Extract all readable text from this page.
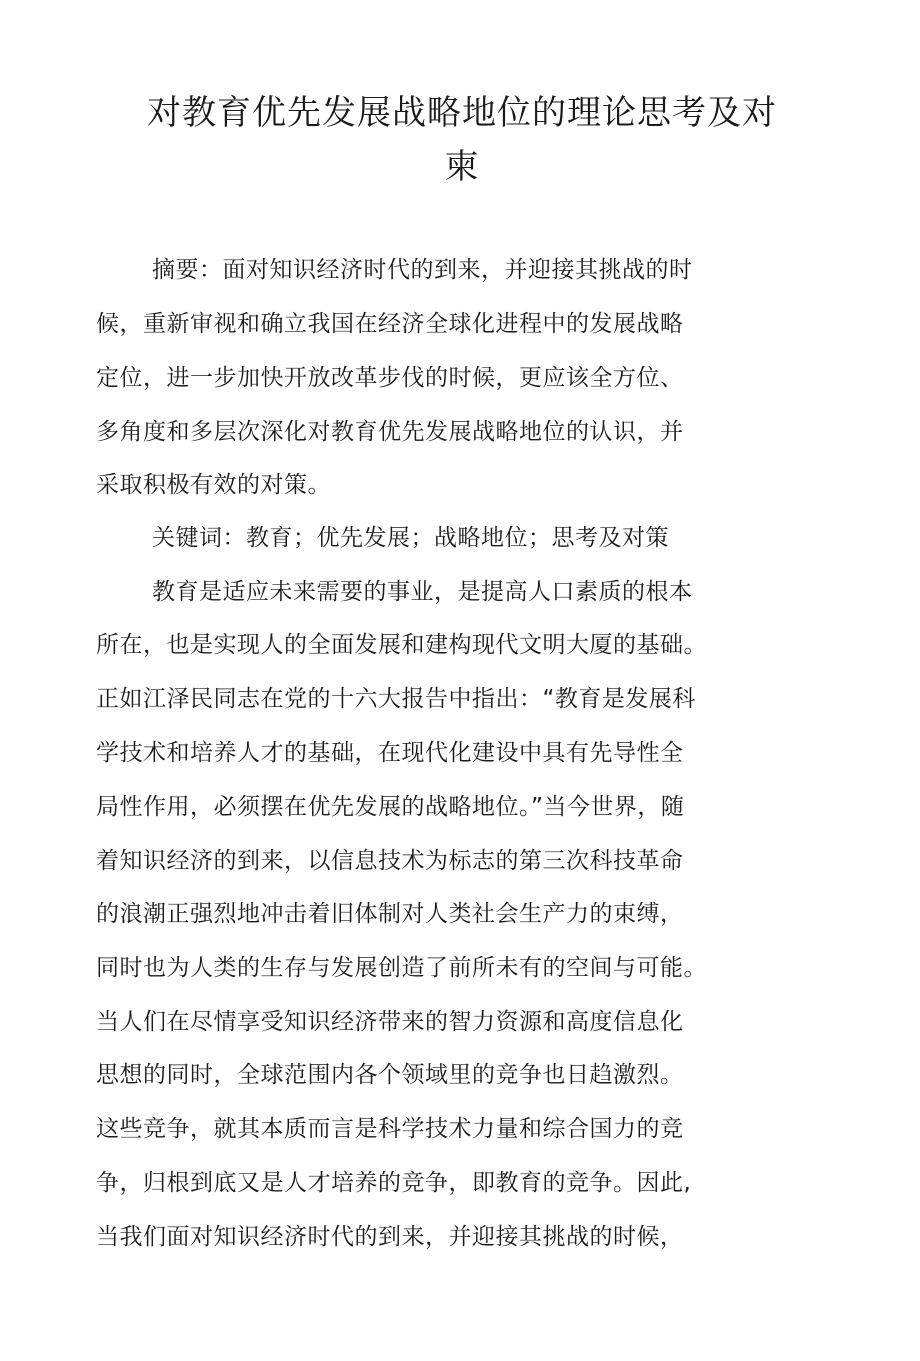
对教育优先发展战略地位的理论思考及对
柬

摘要：面对知识经济时代的到来，并迎接其挑战的时

候，重新审视和确立我国在经济全球化进程中的发展战略

定位，进一步加快开放改革步伐的时候，更应该全方位、

多角度和多层次深化对教育优先发展战略地位的认识，并

采取积极有效的对策。

关键词：教育；优先发展；战略地位；思考及对策

教育是适应未来需要的事业，是提高人口素质的根本

所在，也是实现人的全面发展和建构现代文明大厦的基础。

正如江泽民同志在党的十六大报告中指出：“教育是发展科

学技术和培养人才的基础，在现代化建设中具有先导性全

局性作用，必须摆在优先发展的战略地位。”当今世界，随

着知识经济的到来，以信息技术为标志的第三次科技革命

的浪潮正强烈地冲击着旧体制对人类社会生产力的束缚，

同时也为人类的生存与发展创造了前所未有的空间与可能。

当人们在尽情享受知识经济带来的智力资源和高度信息化

思想的同时，全球范围内各个领域里的竞争也日趋激烈。

这些竞争，就其本质而言是科学技术力量和综合国力的竞

争，归根到底又是人才培养的竞争，即教育的竞争。因此,

当我们面对知识经济时代的到来，并迎接其挑战的时候，
